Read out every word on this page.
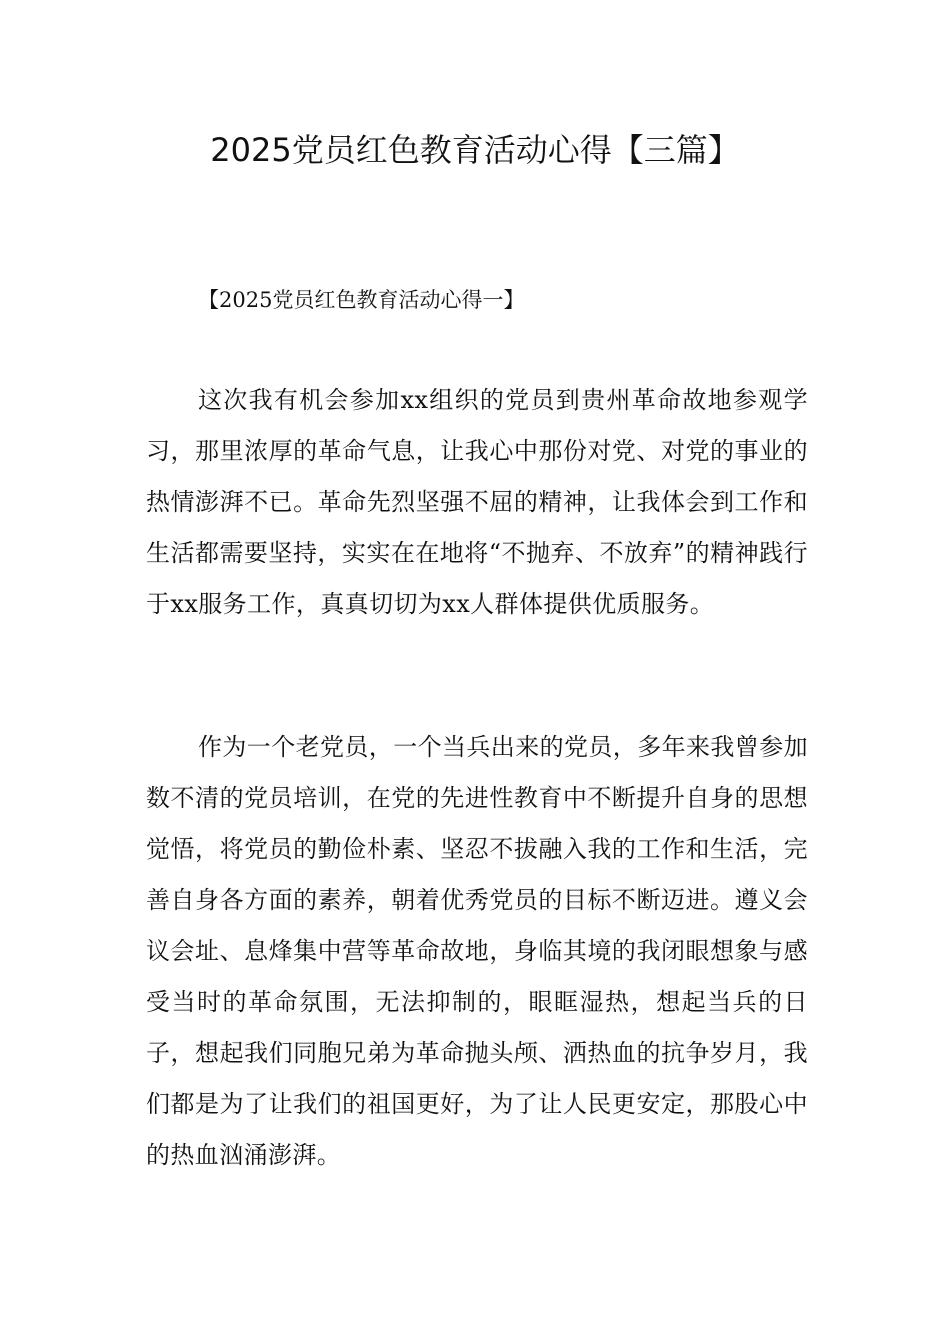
2025党员红色教育活动心得【三篇】

【2025党员红色教育活动心得一】

这次我有机会参加xx组织的党员到贵州革命故地参观学习，那里浓厚的革命气息，让我心中那份对党、对党的事业的热情澎湃不已。革命先烈坚强不屈的精神，让我体会到工作和生活都需要坚持，实实在在地将“不抛弃、不放弃”的精神践行于xx服务工作，真真切切为xx人群体提供优质服务。

作为一个老党员，一个当兵出来的党员，多年来我曾参加数不清的党员培训，在党的先进性教育中不断提升自身的思想觉悟，将党员的勤俭朴素、坚忍不拔融入我的工作和生活，完善自身各方面的素养，朝着优秀党员的目标不断迈进。遵义会议会址、息烽集中营等革命故地，身临其境的我闭眼想象与感受当时的革命氛围，无法抑制的，眼眶湿热，想起当兵的日子，想起我们同胞兄弟为革命抛头颅、洒热血的抗争岁月，我们都是为了让我们的祖国更好，为了让人民更安定，那股心中的热血汹涌澎湃。
